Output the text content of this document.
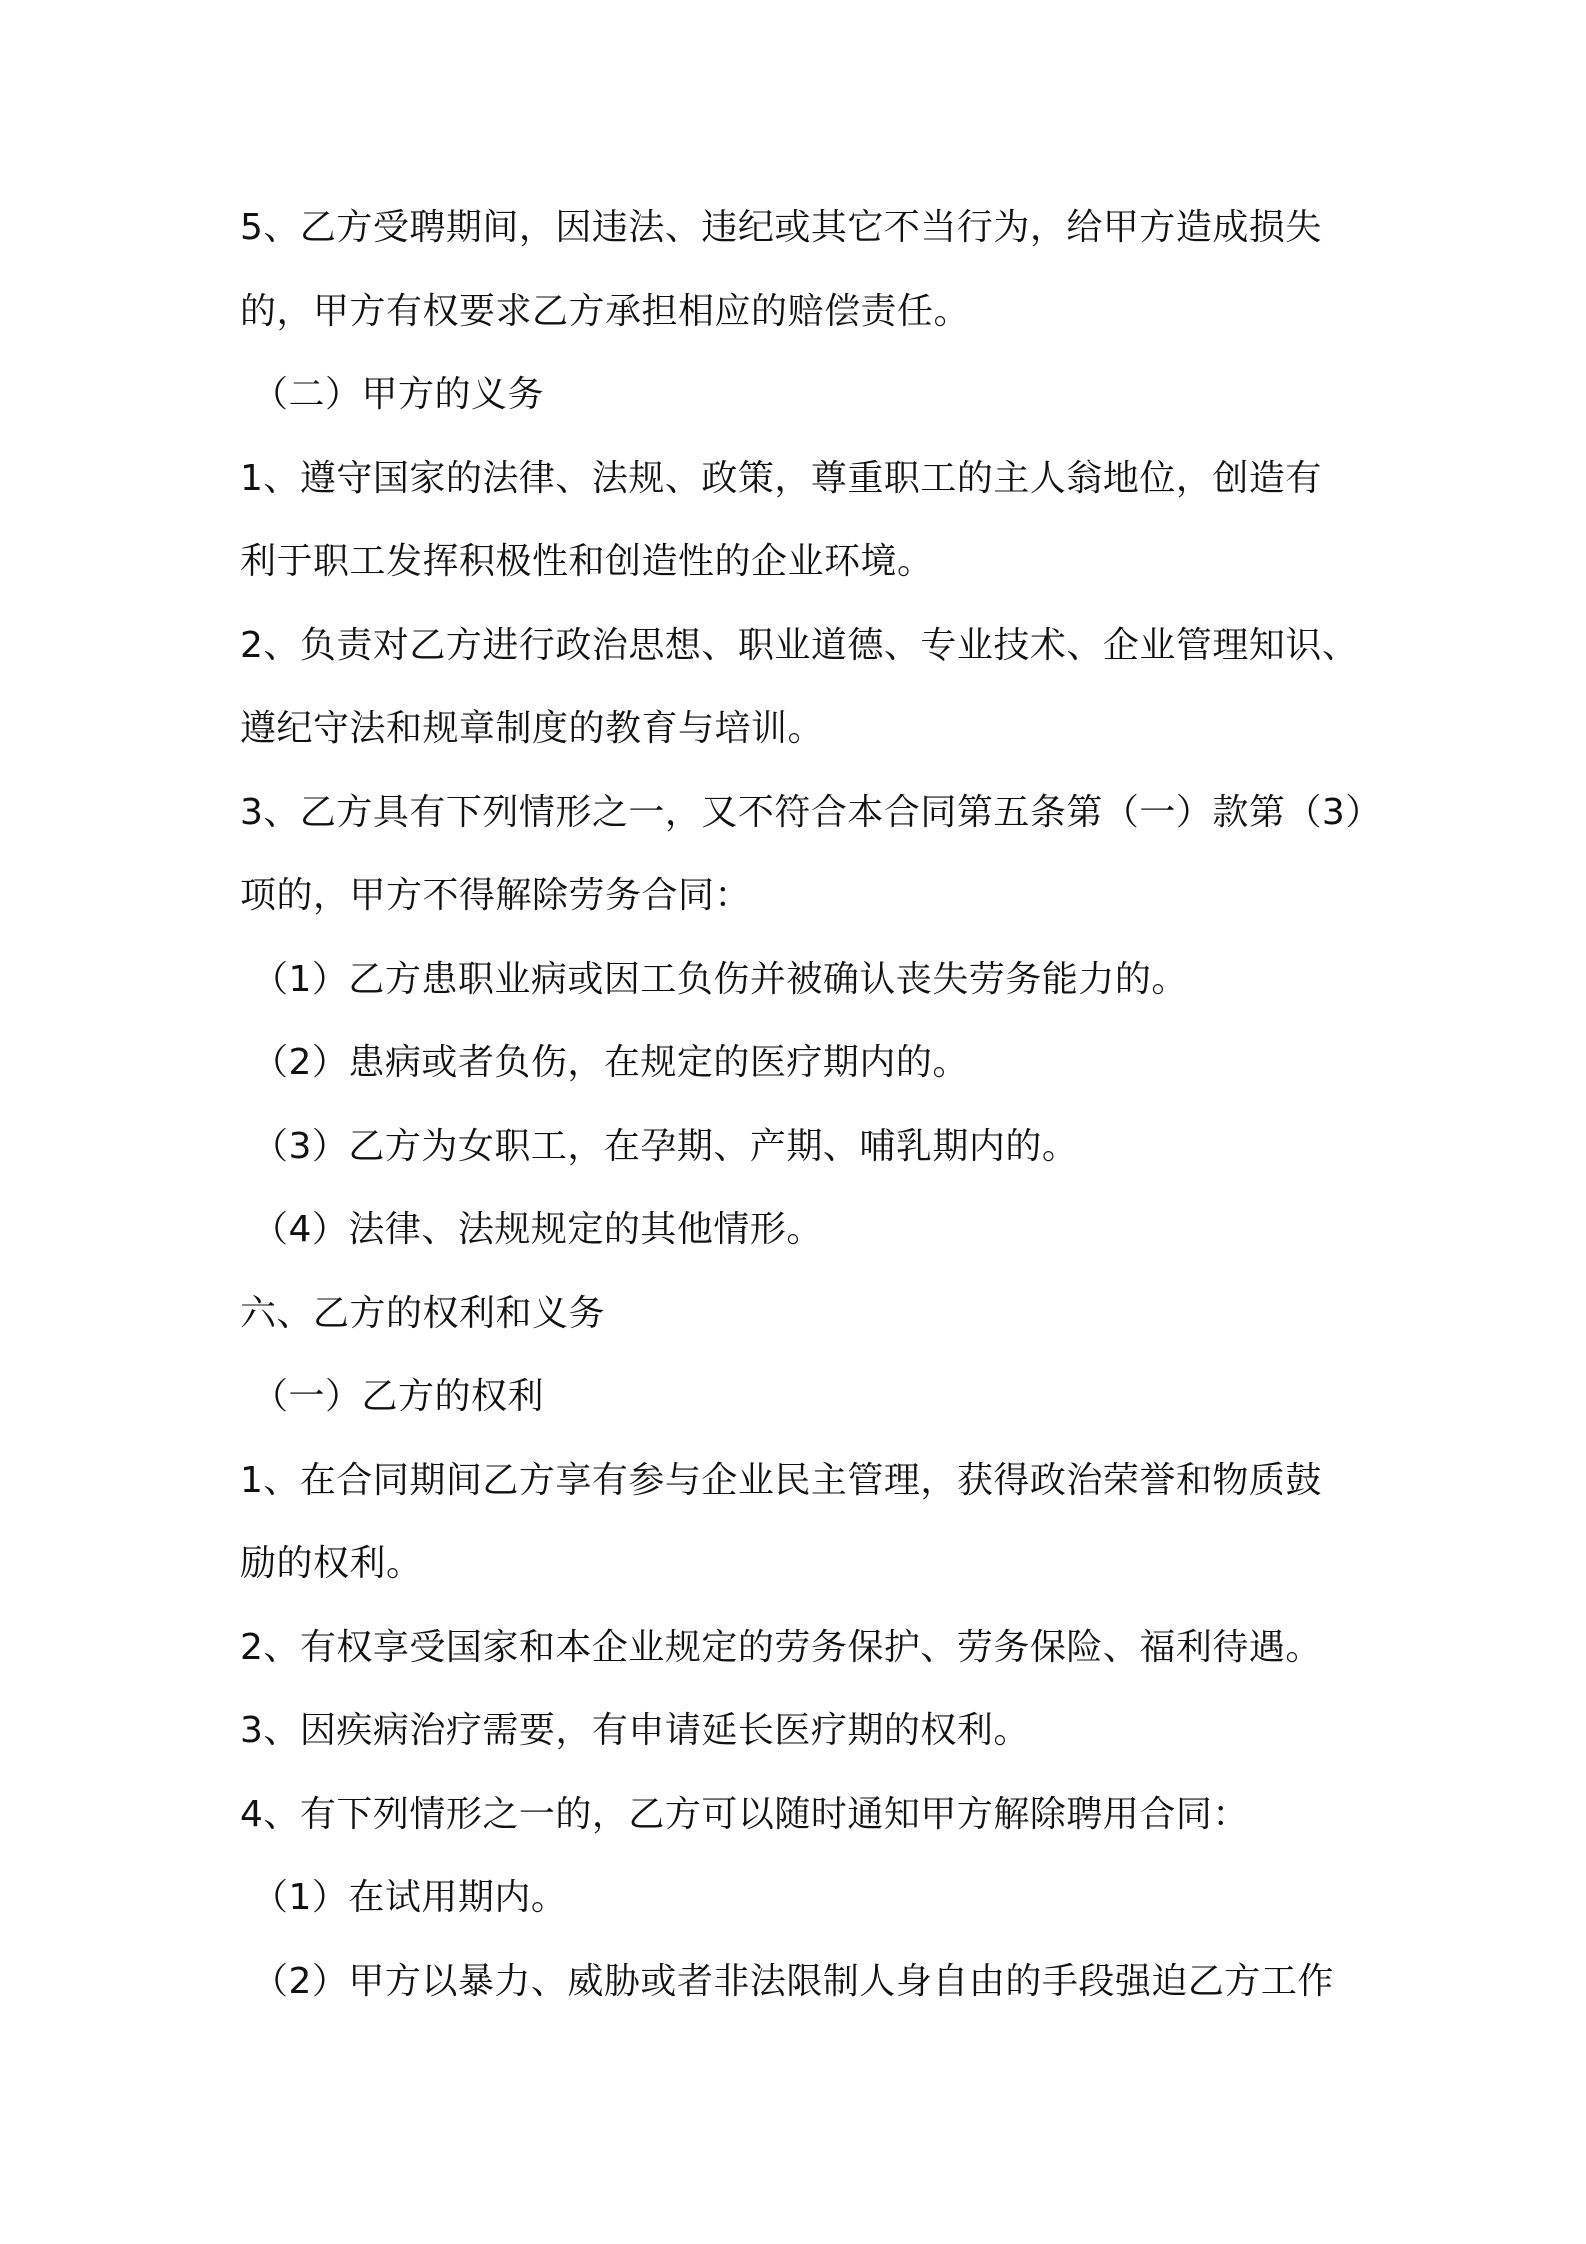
5、乙方受聘期间，因违法、违纪或其它不当行为，给甲方造成损失
的，甲方有权要求乙方承担相应的赔偿责任。
（二）甲方的义务
1、遵守国家的法律、法规、政策，尊重职工的主人翁地位，创造有
利于职工发挥积极性和创造性的企业环境。
2、负责对乙方进行政治思想、职业道德、专业技术、企业管理知识、
遵纪守法和规章制度的教育与培训。
3、乙方具有下列情形之一，又不符合本合同第五条第（一）款第（3）
项的，甲方不得解除劳务合同：
（1）乙方患职业病或因工负伤并被确认丧失劳务能力的。
（2）患病或者负伤，在规定的医疗期内的。
（3）乙方为女职工，在孕期、产期、哺乳期内的。
（4）法律、法规规定的其他情形。
六、乙方的权利和义务
（一）乙方的权利
1、在合同期间乙方享有参与企业民主管理，获得政治荣誉和物质鼓
励的权利。
2、有权享受国家和本企业规定的劳务保护、劳务保险、福利待遇。
3、因疾病治疗需要，有申请延长医疗期的权利。
4、有下列情形之一的，乙方可以随时通知甲方解除聘用合同：
（1）在试用期内。
（2）甲方以暴力、威胁或者非法限制人身自由的手段强迫乙方工作
